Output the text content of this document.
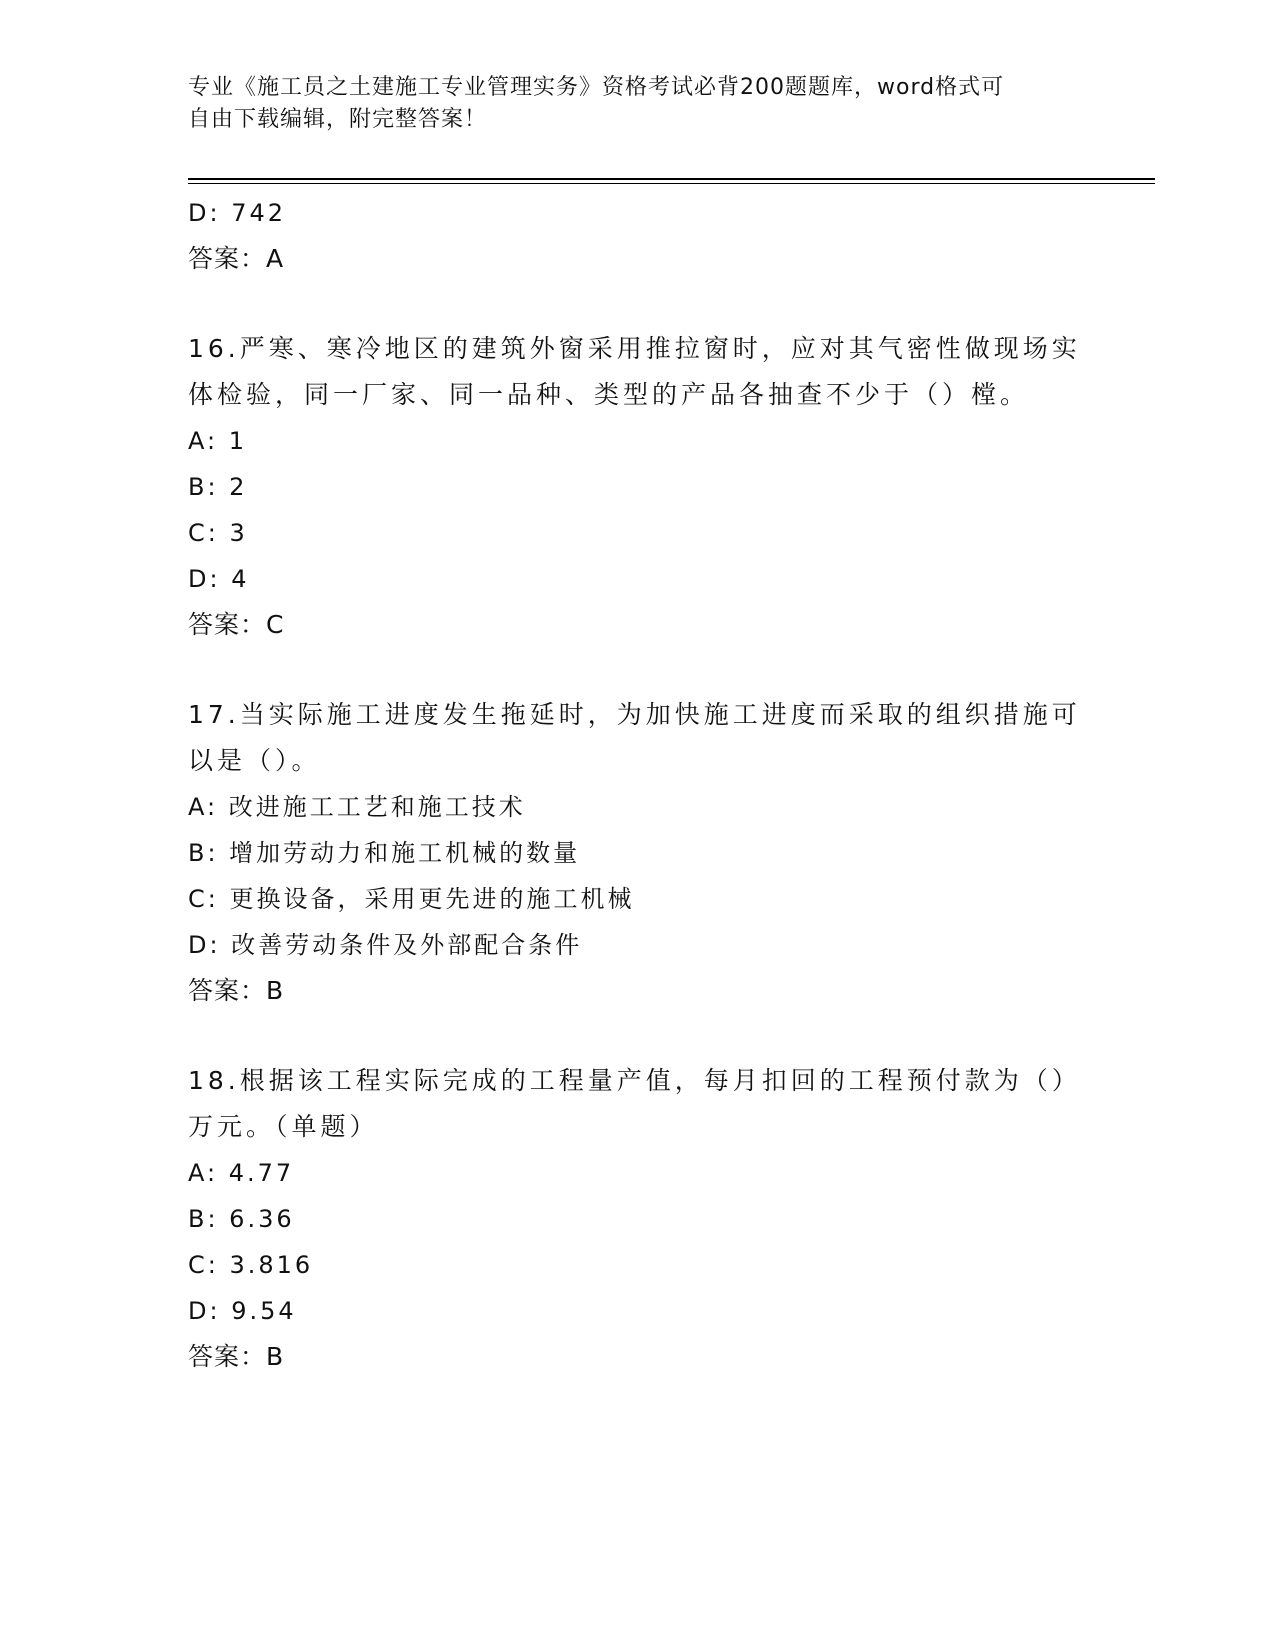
专业《施工员之土建施工专业管理实务》资格考试必背200题题库，word格式可
自由下载编辑，附完整答案！
D: 742
答案：A
16.严寒、寒冷地区的建筑外窗采用推拉窗时，应对其气密性做现场实
体检验，同一厂家、同一品种、类型的产品各抽查不少于（）樘。
A: 1
B: 2
C: 3
D: 4
答案：C
17.当实际施工进度发生拖延时，为加快施工进度而采取的组织措施可
以是（）。
A: 改进施工工艺和施工技术
B: 增加劳动力和施工机械的数量
C: 更换设备，采用更先进的施工机械
D: 改善劳动条件及外部配合条件
答案：B
18.根据该工程实际完成的工程量产值，每月扣回的工程预付款为（）
万元。（单题）
A: 4.77
B: 6.36
C: 3.816
D: 9.54
答案：B
